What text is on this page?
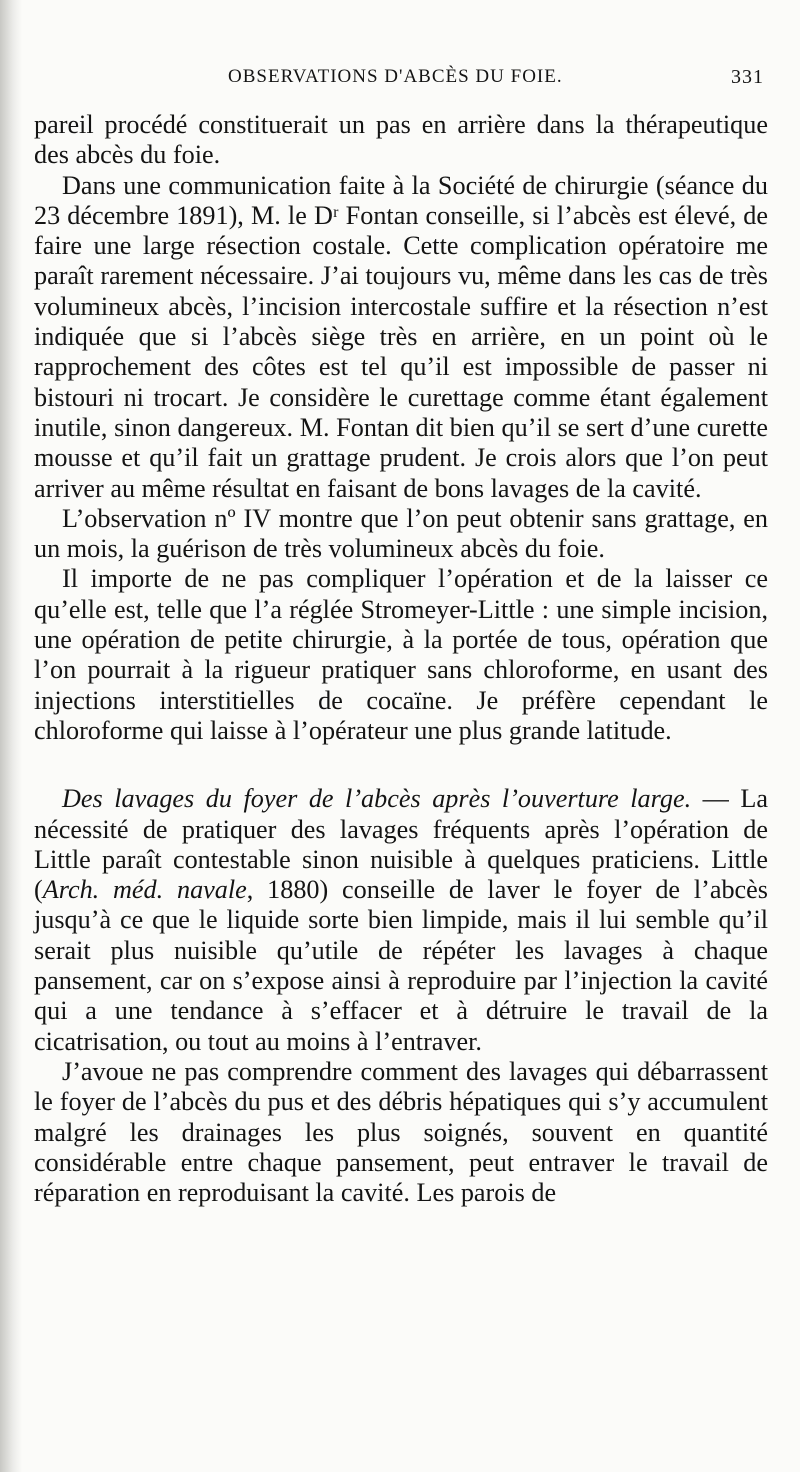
OBSERVATIONS D'ABCÈS DU FOIE.	331

pareil procédé constituerait un pas en arrière dans la thérapeutique des abcès du foie.

Dans une communication faite à la Société de chirurgie (séance du 23 décembre 1891), M. le Dʳ Fontan conseille, si l’abcès est élevé, de faire une large résection costale. Cette complication opératoire me paraît rarement nécessaire. J’ai toujours vu, même dans les cas de très volumineux abcès, l’incision intercostale suffire et la résection n’est indiquée que si l’abcès siège très en arrière, en un point où le rapprochement des côtes est tel qu’il est impossible de passer ni bistouri ni trocart. Je considère le curettage comme étant également inutile, sinon dangereux. M. Fontan dit bien qu’il se sert d’une curette mousse et qu’il fait un grattage prudent. Je crois alors que l’on peut arriver au même résultat en faisant de bons lavages de la cavité.

L’observation nº IV montre que l’on peut obtenir sans grattage, en un mois, la guérison de très volumineux abcès du foie.

Il importe de ne pas compliquer l’opération et de la laisser ce qu’elle est, telle que l’a réglée Stromeyer-Little : une simple incision, une opération de petite chirurgie, à la portée de tous, opération que l’on pourrait à la rigueur pratiquer sans chloroforme, en usant des injections interstitielles de cocaïne. Je préfère cependant le chloroforme qui laisse à l’opérateur une plus grande latitude.

Des lavages du foyer de l’abcès après l’ouverture large. — La nécessité de pratiquer des lavages fréquents après l’opération de Little paraît contestable sinon nuisible à quelques praticiens. Little (Arch. méd. navale, 1880) conseille de laver le foyer de l’abcès jusqu’à ce que le liquide sorte bien limpide, mais il lui semble qu’il serait plus nuisible qu’utile de répéter les lavages à chaque pansement, car on s’expose ainsi à reproduire par l’injection la cavité qui a une tendance à s’effacer et à détruire le travail de la cicatrisation, ou tout au moins à l’entraver.

J’avoue ne pas comprendre comment des lavages qui débarrassent le foyer de l’abcès du pus et des débris hépatiques qui s’y accumulent malgré les drainages les plus soignés, souvent en quantité considérable entre chaque pansement, peut entraver le travail de réparation en reproduisant la cavité. Les parois de
